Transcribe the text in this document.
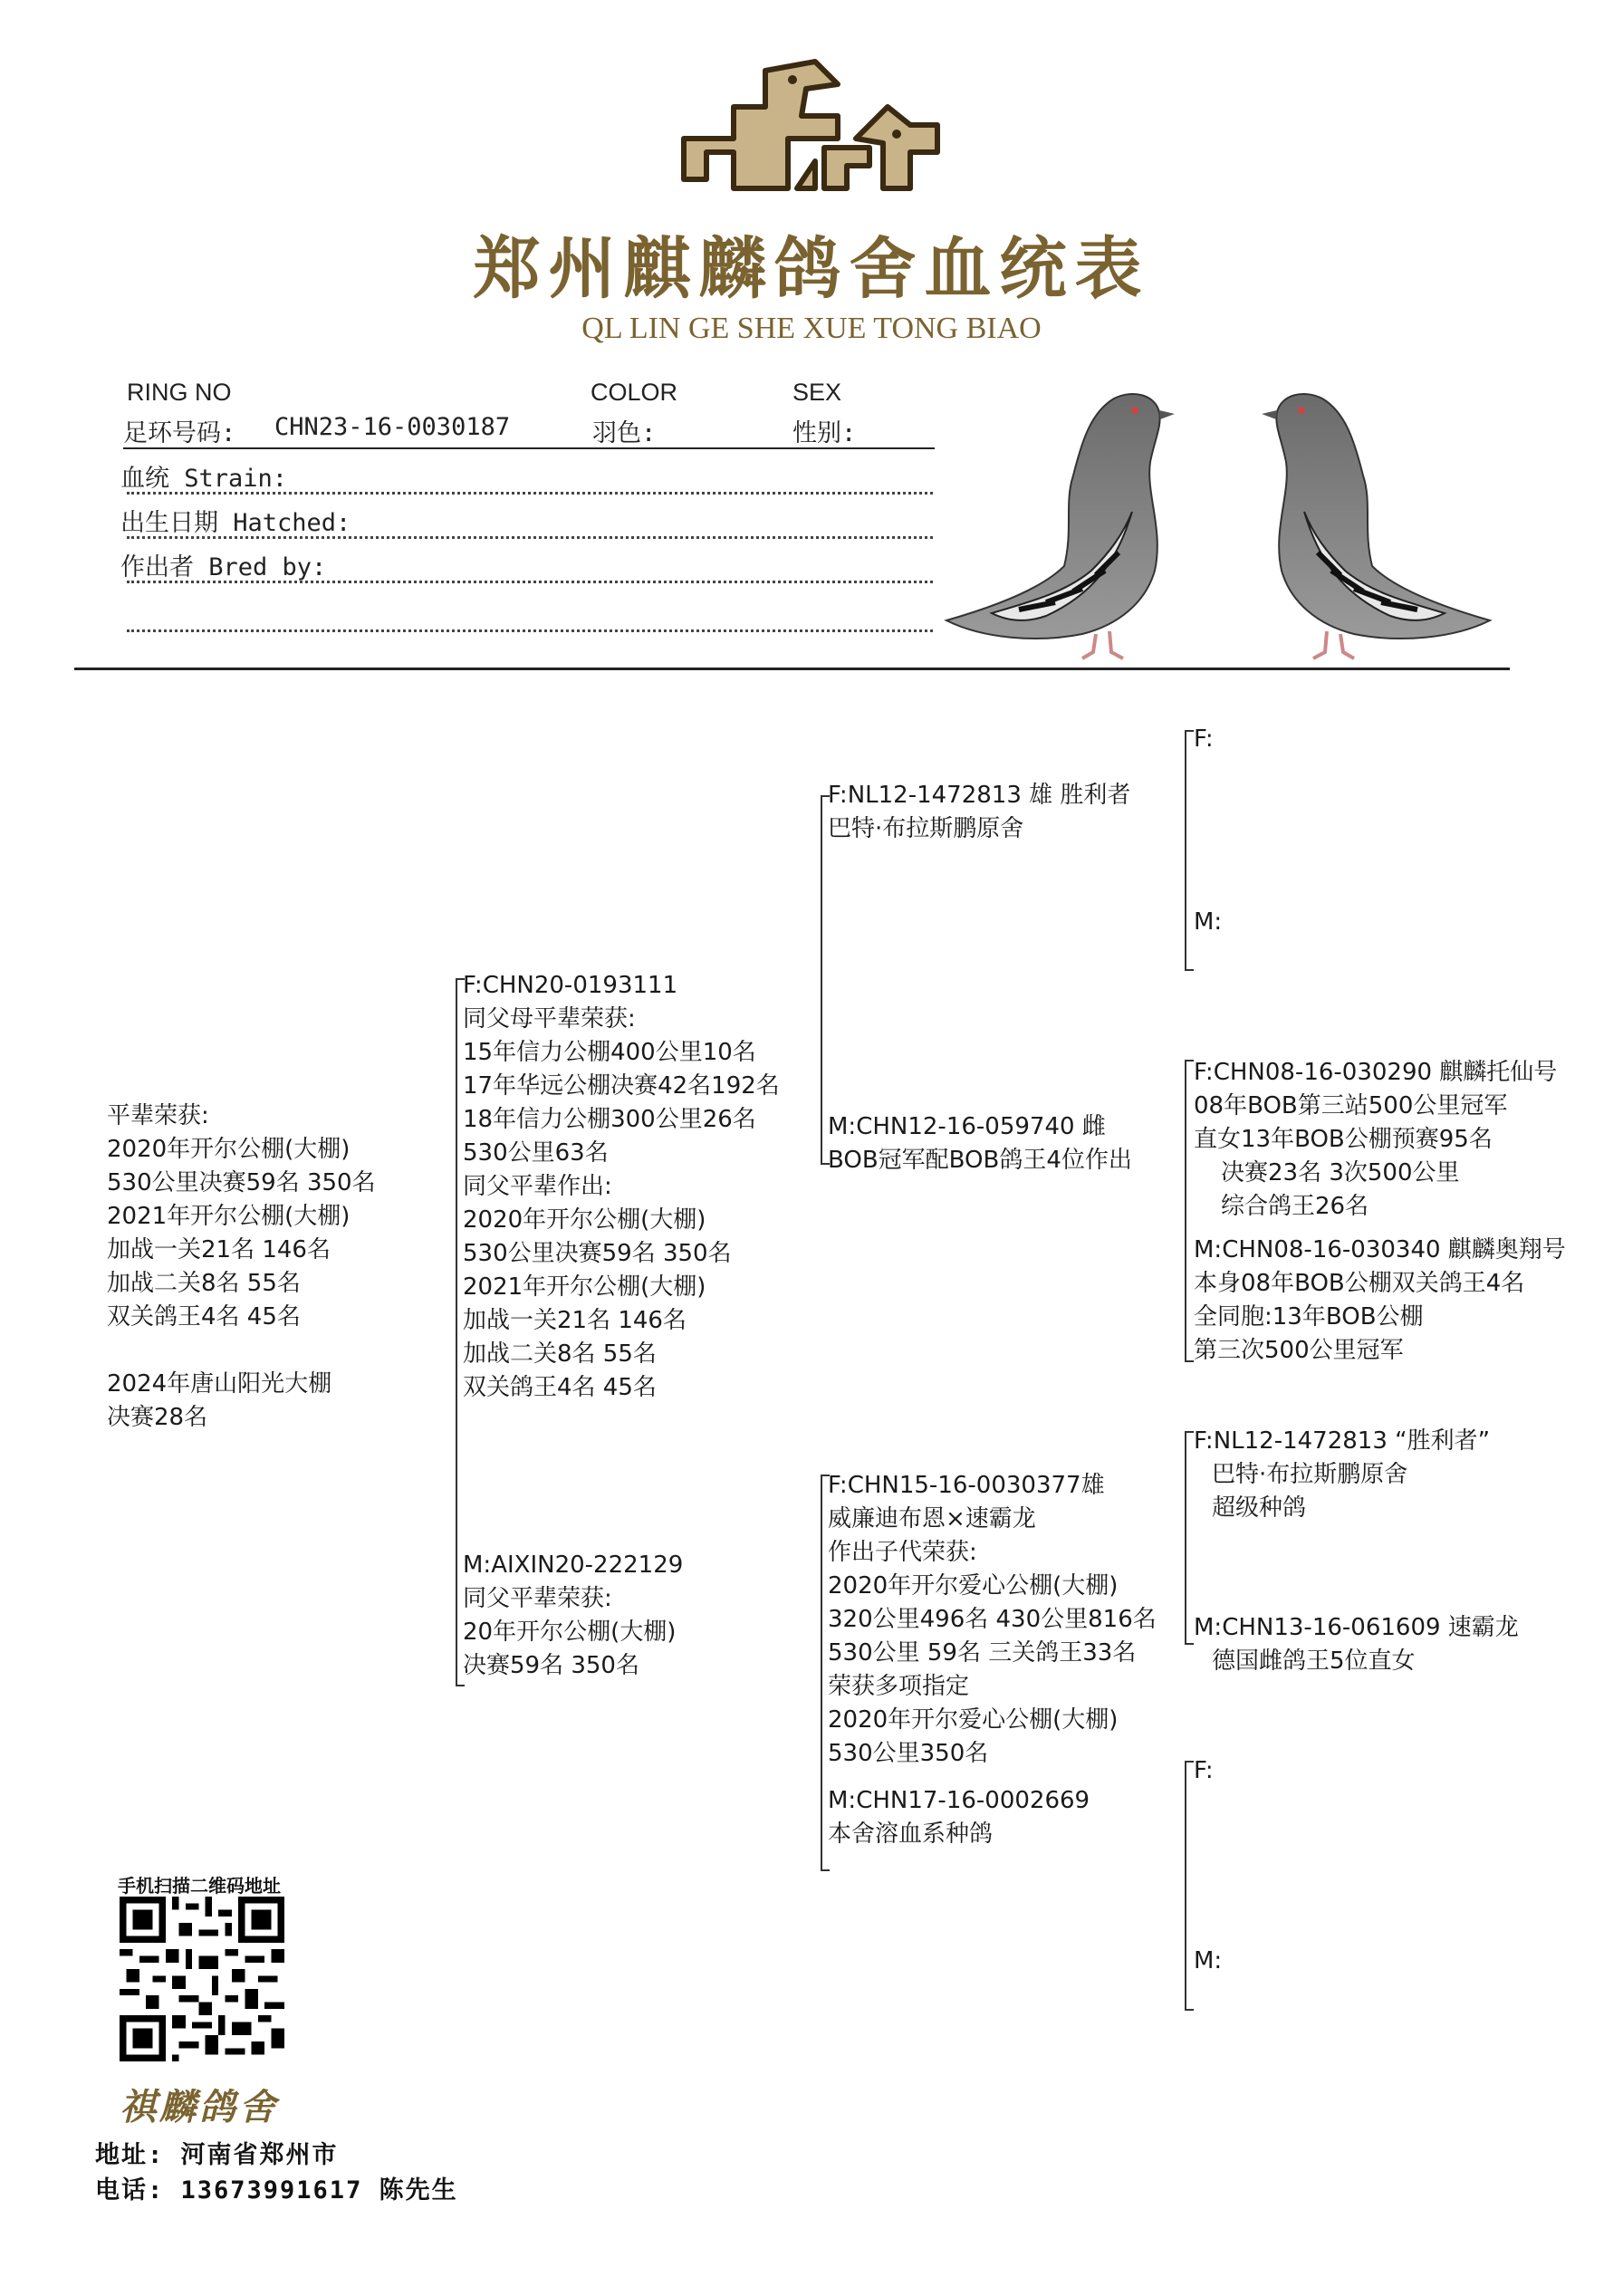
郑州麒麟鸽舍血统表
QL LIN GE SHE XUE TONG BIAO
RING NO
足环号码: CHN23-16-0030187
COLOR
羽色:
SEX
性别:
血统 Strain:
出生日期 Hatched:
作出者 Bred by:
平辈荣获:
2020年开尔公棚(大棚)
530公里决赛59名 350名
2021年开尔公棚(大棚)
加战一关21名 146名
加战二关8名 55名
双关鸽王4名 45名
2024年唐山阳光大棚
决赛28名
F:CHN20-0193111
同父母平辈荣获:
15年信力公棚400公里10名
17年华远公棚决赛42名192名
18年信力公棚300公里26名
530公里63名
同父平辈作出:
2020年开尔公棚(大棚)
530公里决赛59名 350名
2021年开尔公棚(大棚)
加战一关21名 146名
加战二关8名 55名
双关鸽王4名 45名
M:AIXIN20-222129
同父平辈荣获:
20年开尔公棚(大棚)
决赛59名 350名
F:NL12-1472813 雄 胜利者
巴特·布拉斯鹏原舍
M:CHN12-16-059740 雌
BOB冠军配BOB鸽王4位作出
F:CHN15-16-0030377雄
威廉迪布恩×速霸龙
作出子代荣获:
2020年开尔爱心公棚(大棚)
320公里496名 430公里816名
530公里 59名 三关鸽王33名
荣获多项指定
2020年开尔爱心公棚(大棚)
530公里350名
M:CHN17-16-0002669
本舍溶血系种鸽
F:
M:
F:CHN08-16-030290 麒麟托仙号
08年BOB第三站500公里冠军
直女13年BOB公棚预赛95名
决赛23名 3次500公里
综合鸽王26名
M:CHN08-16-030340 麒麟奥翔号
本身08年BOB公棚双关鸽王4名
全同胞:13年BOB公棚
第三次500公里冠军
F:NL12-1472813 “胜利者”
巴特·布拉斯鹏原舍
超级种鸽
M:CHN13-16-061609 速霸龙
德国雌鸽王5位直女
F:
M:
手机扫描二维码地址
祺麟鸽舍
地址: 河南省郑州市
电话: 13673991617 陈先生
